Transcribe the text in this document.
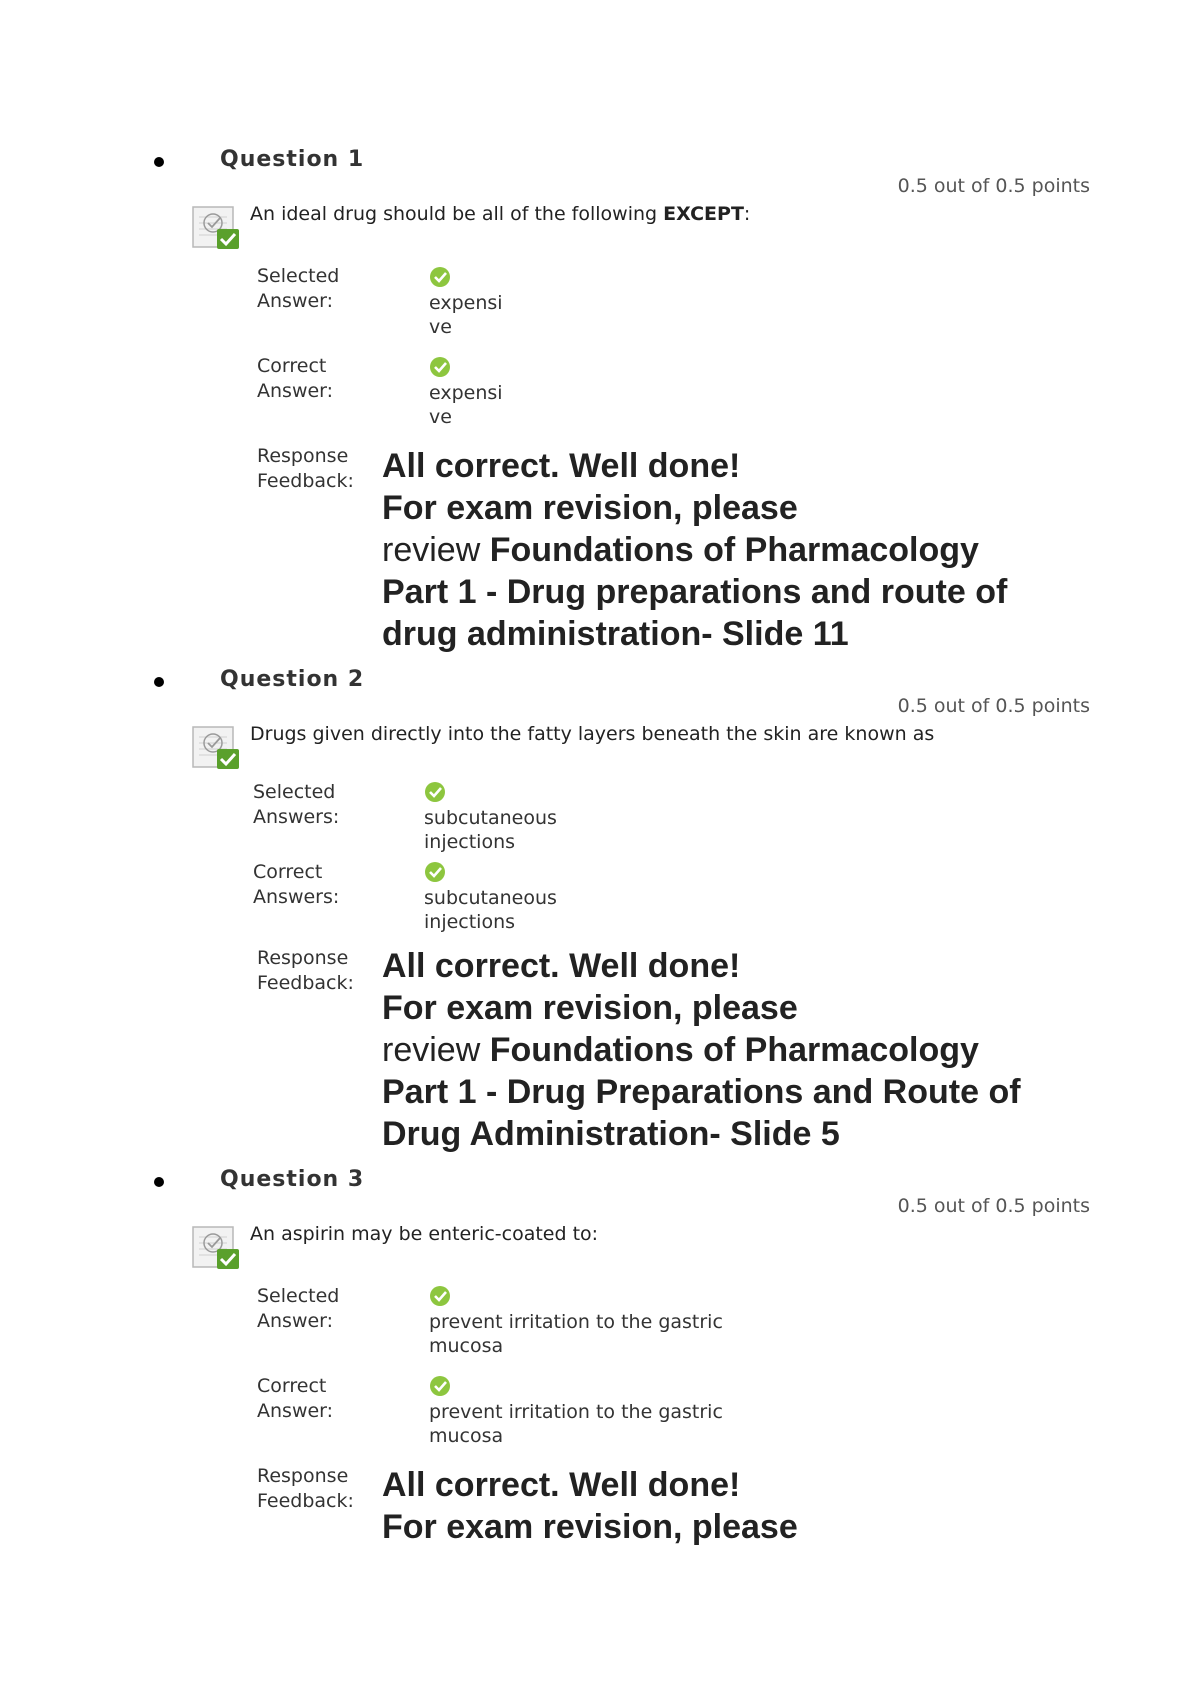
Question 1
0.5 out of 0.5 points
An ideal drug should be all of the following EXCEPT:
Selected
Answer:	expensi
ve
Correct
Answer:	expensi
ve
Response
Feedback: All correct. Well done!
For exam revision, please
review Foundations of Pharmacology
Part 1 - Drug preparations and route of
drug administration- Slide 11
Question 2
0.5 out of 0.5 points
Drugs given directly into the fatty layers beneath the skin are known as
Selected
Answers:	subcutaneous
injections
Correct
Answers:	subcutaneous
injections
Response
Feedback: All correct. Well done!
For exam revision, please
review Foundations of Pharmacology
Part 1 - Drug Preparations and Route of
Drug Administration- Slide 5
Question 3
0.5 out of 0.5 points
An aspirin may be enteric-coated to:
Selected
Answer:	prevent irritation to the gastric
mucosa
Correct
Answer:	prevent irritation to the gastric
mucosa
Response
Feedback: All correct. Well done!
For exam revision, please
